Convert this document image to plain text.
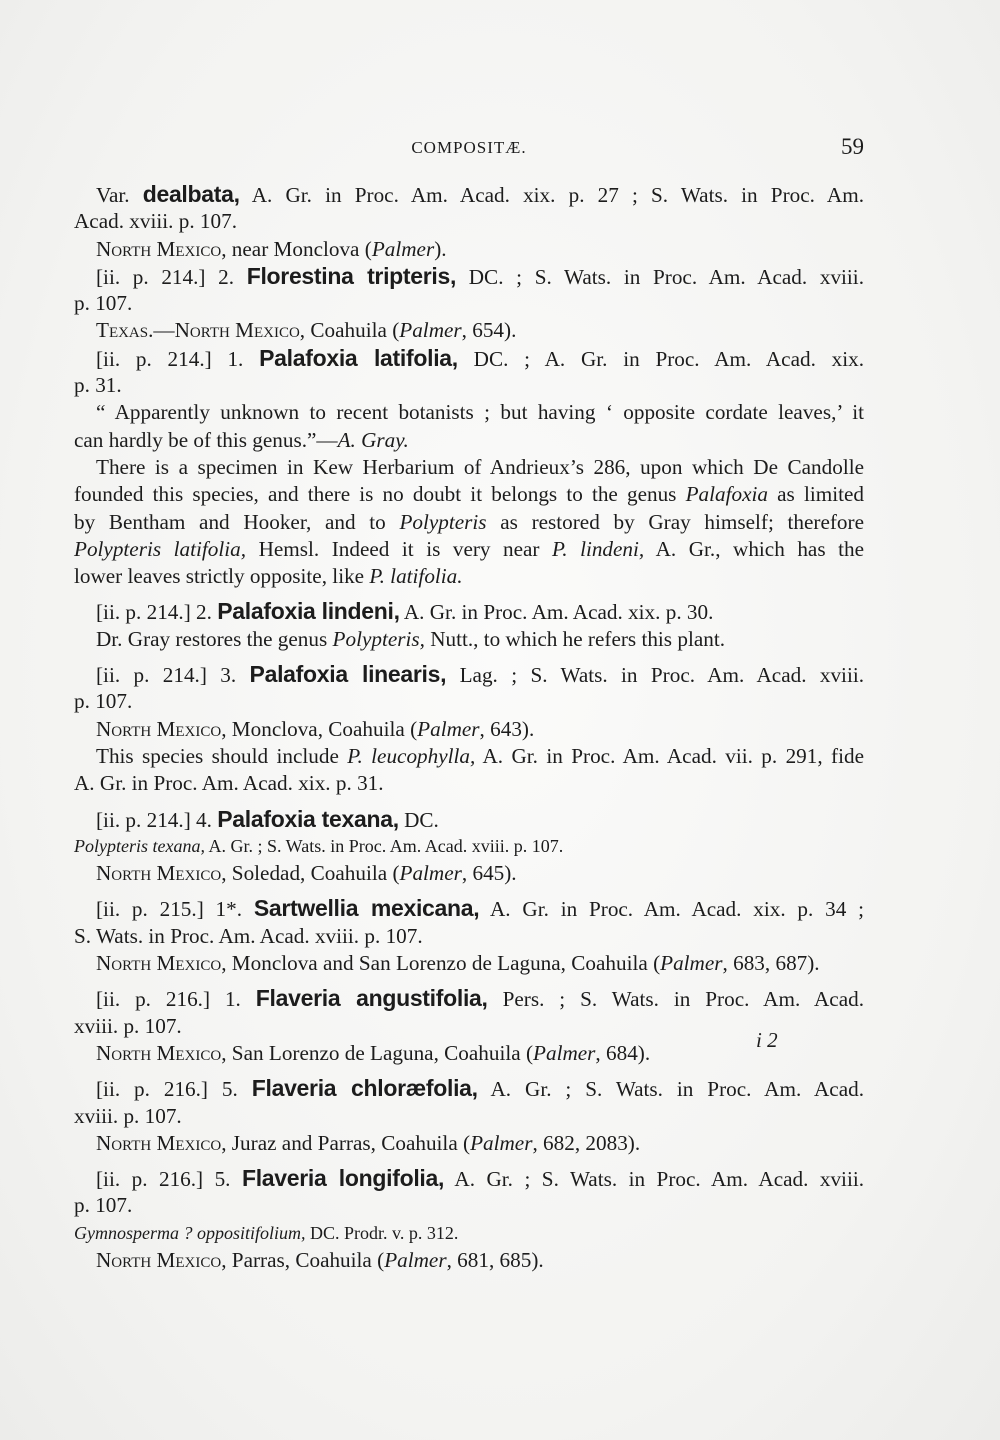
COMPOSITÆ.	59
Var. dealbata, A. Gr. in Proc. Am. Acad. xix. p. 27 ; S. Wats. in Proc. Am.
Acad. xviii. p. 107.
North Mexico, near Monclova (Palmer).
[ii. p. 214.] 2. Florestina tripteris, DC. ; S. Wats. in Proc. Am. Acad. xviii.
p. 107.
Texas.—North Mexico, Coahuila (Palmer, 654).
[ii. p. 214.] 1. Palafoxia latifolia, DC. ; A. Gr. in Proc. Am. Acad. xix.
p. 31.
“ Apparently unknown to recent botanists ; but having ‘ opposite cordate leaves,’ it
can hardly be of this genus.”—A. Gray.
There is a specimen in Kew Herbarium of Andrieux’s 286, upon which De Candolle
founded this species, and there is no doubt it belongs to the genus Palafoxia as limited
by Bentham and Hooker, and to Polypteris as restored by Gray himself; therefore
Polypteris latifolia, Hemsl. Indeed it is very near P. lindeni, A. Gr., which has the
lower leaves strictly opposite, like P. latifolia.
[ii. p. 214.] 2. Palafoxia lindeni, A. Gr. in Proc. Am. Acad. xix. p. 30.
Dr. Gray restores the genus Polypteris, Nutt., to which he refers this plant.
[ii. p. 214.] 3. Palafoxia linearis, Lag. ; S. Wats. in Proc. Am. Acad. xviii.
p. 107.
North Mexico, Monclova, Coahuila (Palmer, 643).
This species should include P. leucophylla, A. Gr. in Proc. Am. Acad. vii. p. 291, fide
A. Gr. in Proc. Am. Acad. xix. p. 31.
[ii. p. 214.] 4. Palafoxia texana, DC.
Polypteris texana, A. Gr. ; S. Wats. in Proc. Am. Acad. xviii. p. 107.
North Mexico, Soledad, Coahuila (Palmer, 645).
[ii. p. 215.] 1*. Sartwellia mexicana, A. Gr. in Proc. Am. Acad. xix. p. 34 ;
S. Wats. in Proc. Am. Acad. xviii. p. 107.
North Mexico, Monclova and San Lorenzo de Laguna, Coahuila (Palmer, 683, 687).
[ii. p. 216.] 1. Flaveria angustifolia, Pers. ; S. Wats. in Proc. Am. Acad.
xviii. p. 107.
North Mexico, San Lorenzo de Laguna, Coahuila (Palmer, 684).
[ii. p. 216.] 5. Flaveria chloræfolia, A. Gr. ; S. Wats. in Proc. Am. Acad.
xviii. p. 107.
North Mexico, Juraz and Parras, Coahuila (Palmer, 682, 2083).
[ii. p. 216.] 5. Flaveria longifolia, A. Gr. ; S. Wats. in Proc. Am. Acad. xviii.
p. 107.
Gymnosperma ? oppositifolium, DC. Prodr. v. p. 312.
North Mexico, Parras, Coahuila (Palmer, 681, 685).
i 2
